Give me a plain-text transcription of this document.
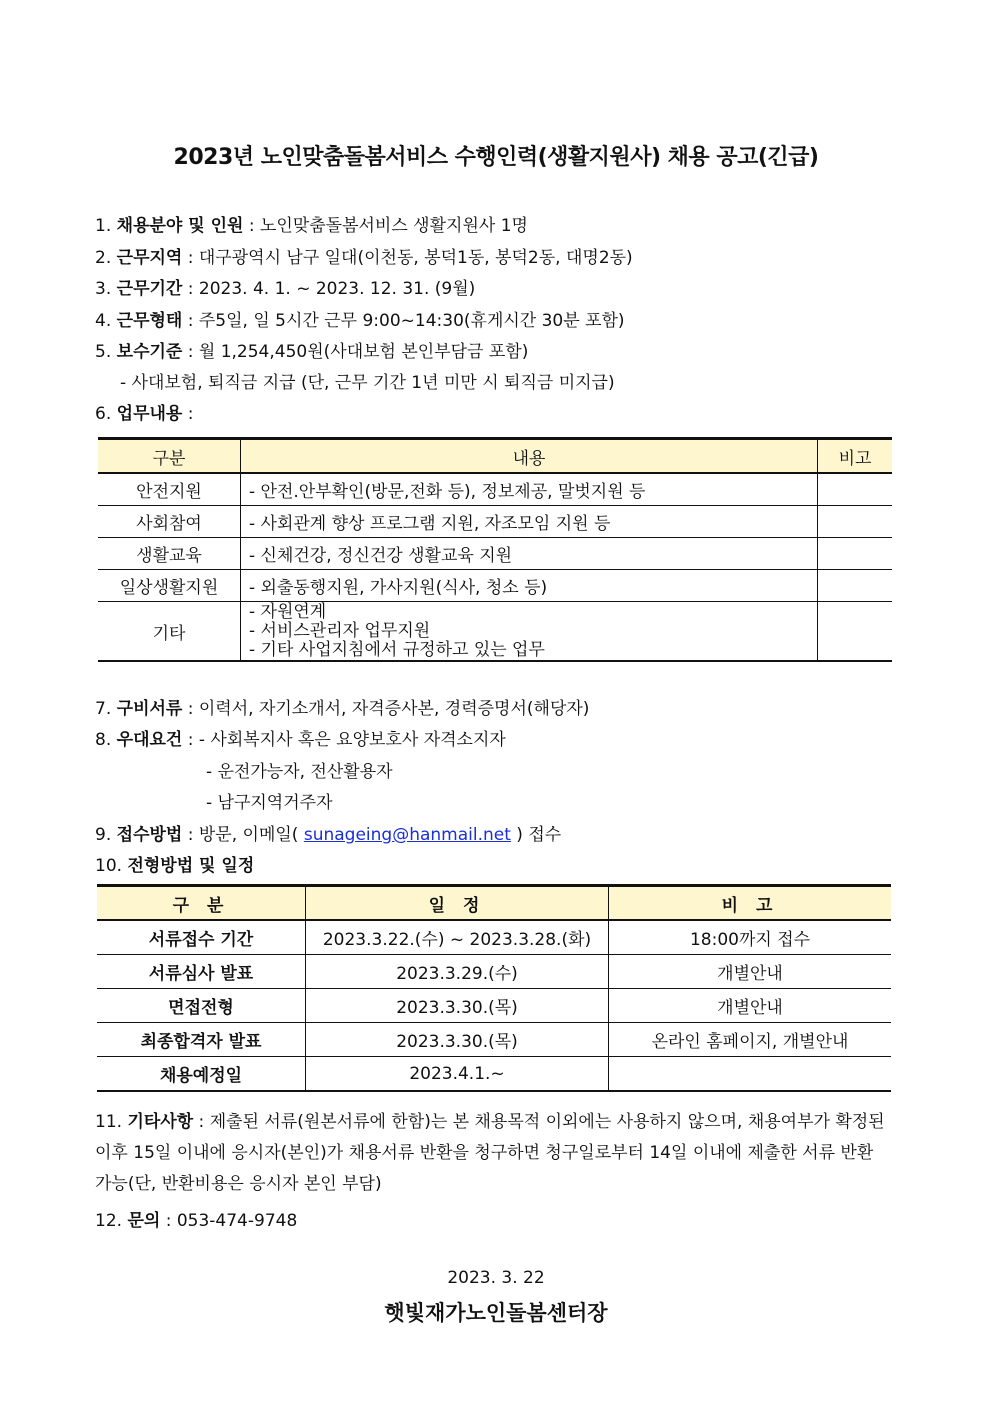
2023년 노인맞춤돌봄서비스 수행인력(생활지원사) 채용 공고(긴급)
1. 채용분야 및 인원 : 노인맞춤돌봄서비스 생활지원사 1명
2. 근무지역 : 대구광역시 남구 일대(이천동, 봉덕1동, 봉덕2동, 대명2동)
3. 근무기간 : 2023. 4. 1. ~ 2023. 12. 31. (9월)
4. 근무형태 : 주5일, 일 5시간 근무 9:00~14:30(휴게시간 30분 포함)
5. 보수기준 : 월 1,254,450원(사대보험 본인부담금 포함)
- 사대보험, 퇴직금 지급 (단, 근무 기간 1년 미만 시 퇴직금 미지급)
6. 업무내용 :
구분	내용	비고
안전지원	- 안전.안부확인(방문,전화 등), 정보제공, 말벗지원 등	
사회참여	- 사회관계 향상 프로그램 지원, 자조모임 지원 등	
생활교육	- 신체건강, 정신건강 생활교육 지원	
일상생활지원	- 외출동행지원, 가사지원(식사, 청소 등)	
기타	- 자원연계
- 서비스관리자 업무지원
- 기타 사업지침에서 규정하고 있는 업무	

7. 구비서류 : 이력서, 자기소개서, 자격증사본, 경력증명서(해당자)
8. 우대요건 : - 사회복지사 혹은 요양보호사 자격소지자
- 운전가능자, 전산활용자
- 남구지역거주자
9. 접수방법 : 방문, 이메일( sunageing@hanmail.net ) 접수
10. 전형방법 및 일정
구 분	일 정	비 고
서류접수 기간	2023.3.22.(수) ~ 2023.3.28.(화)	18:00까지 접수
서류심사 발표	2023.3.29.(수)	개별안내
면접전형	2023.3.30.(목)	개별안내
최종합격자 발표	2023.3.30.(목)	온라인 홈페이지, 개별안내
채용예정일	2023.4.1.~	
11. 기타사항 : 제출된 서류(원본서류에 한함)는 본 채용목적 이외에는 사용하지 않으며, 채용여부가 확정된 이후 15일 이내에 응시자(본인)가 채용서류 반환을 청구하면 청구일로부터 14일 이내에 제출한 서류 반환 가능(단, 반환비용은 응시자 본인 부담)
12. 문의 : 053-474-9748
2023. 3. 22
햇빛재가노인돌봄센터장
